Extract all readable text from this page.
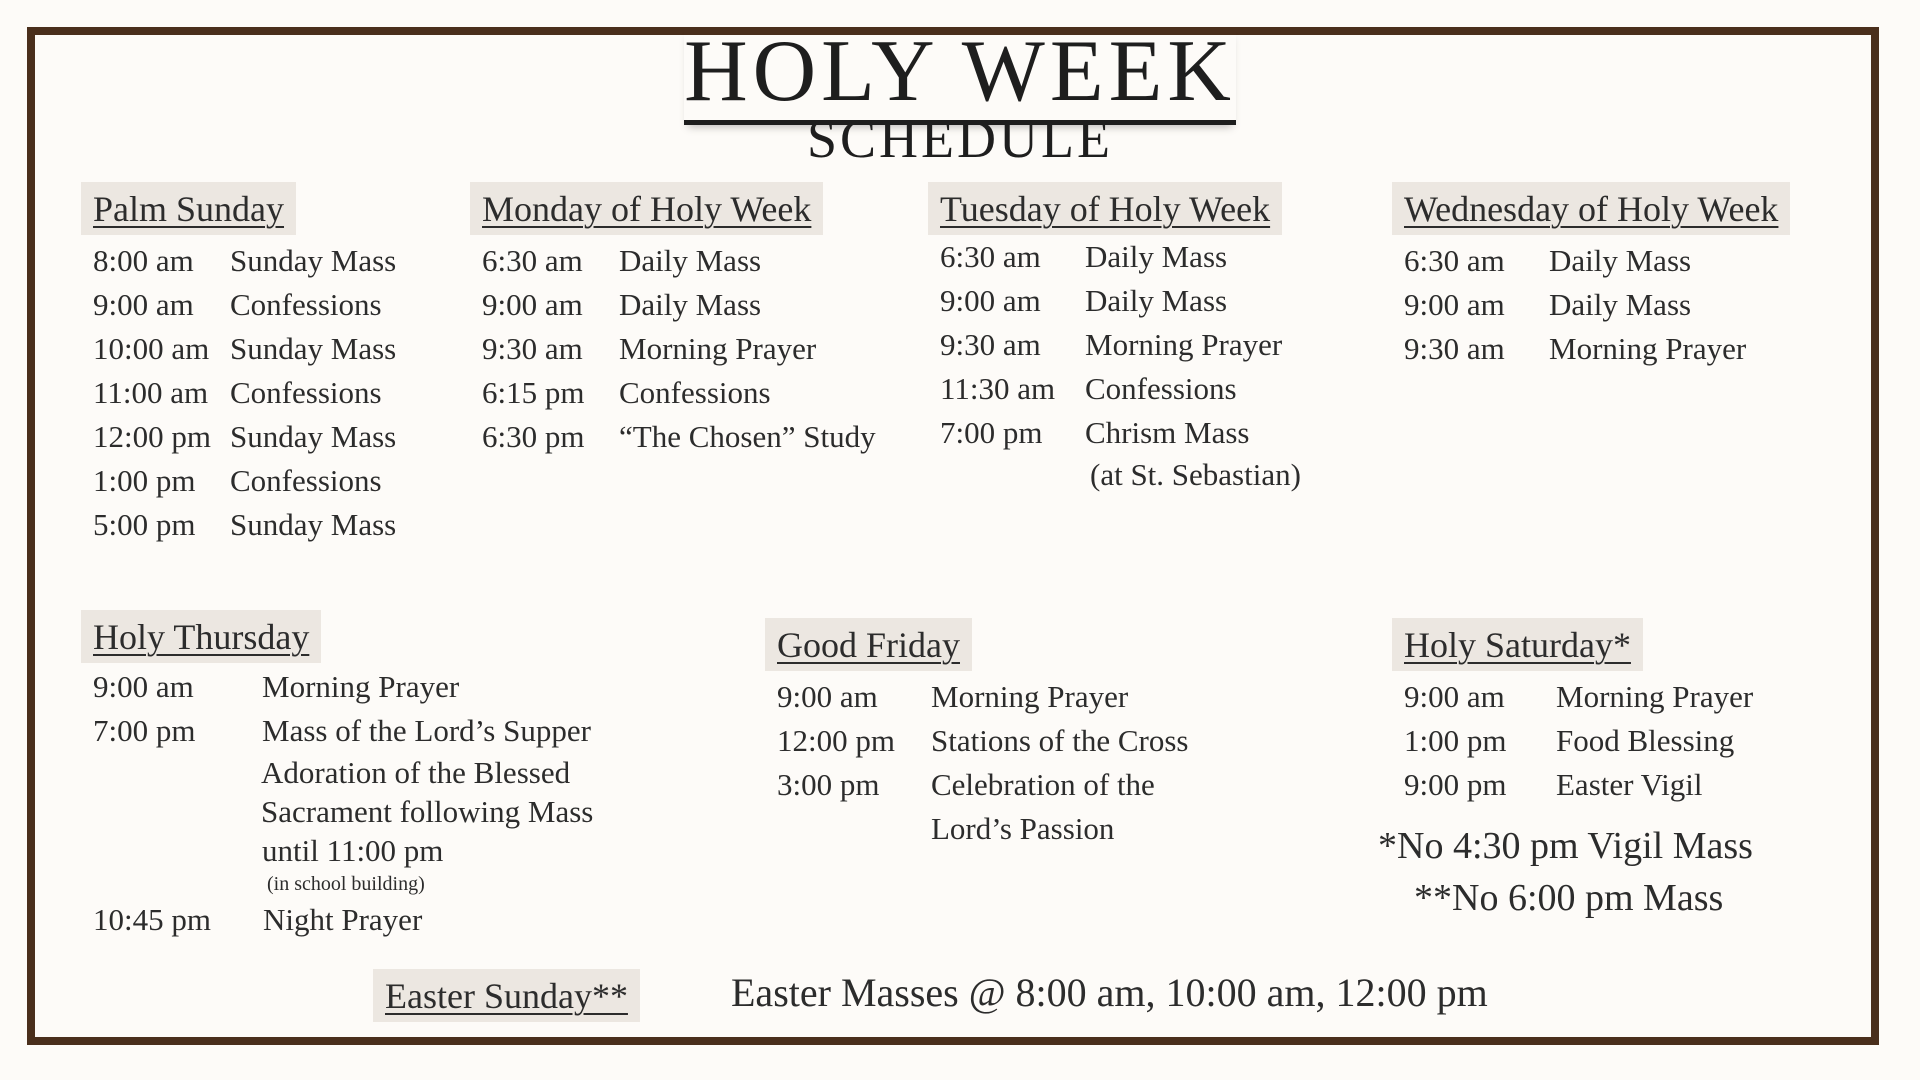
HOLY WEEK
SCHEDULE
Palm Sunday
8:00 am	Sunday Mass
9:00 am	Confessions
10:00 am Sunday Mass
11:00 am Confessions
12:00 pm Sunday Mass
1:00 pm	Confessions
5:00 pm	Sunday Mass
Monday of Holy Week
6:30 am	Daily Mass
9:00 am	Daily Mass
9:30 am	Morning Prayer
6:15 pm	Confessions
6:30 pm	“The Chosen” Study
Tuesday of Holy Week
6:30 am	Daily Mass
9:00 am	Daily Mass
9:30 am	Morning Prayer
11:30 am Confessions
7:00 pm	Chrism Mass
(at St. Sebastian)
Wednesday of Holy Week
6:30 am	Daily Mass
9:00 am	Daily Mass
9:30 am	Morning Prayer
Holy Thursday
9:00 am	Morning Prayer
7:00 pm	Mass of the Lord’s Supper
Adoration of the Blessed
Sacrament following Mass
until 11:00 pm
(in school building)
10:45 pm	Night Prayer
Good Friday
9:00 am	Morning Prayer
12:00 pm	Stations of the Cross
3:00 pm	Celebration of the
Lord’s Passion
Holy Saturday*
9:00 am	Morning Prayer
1:00 pm	Food Blessing
9:00 pm	Easter Vigil
*No 4:30 pm Vigil Mass
**No 6:00 pm Mass
Easter Sunday**	Easter Masses @ 8:00 am, 10:00 am, 12:00 pm
